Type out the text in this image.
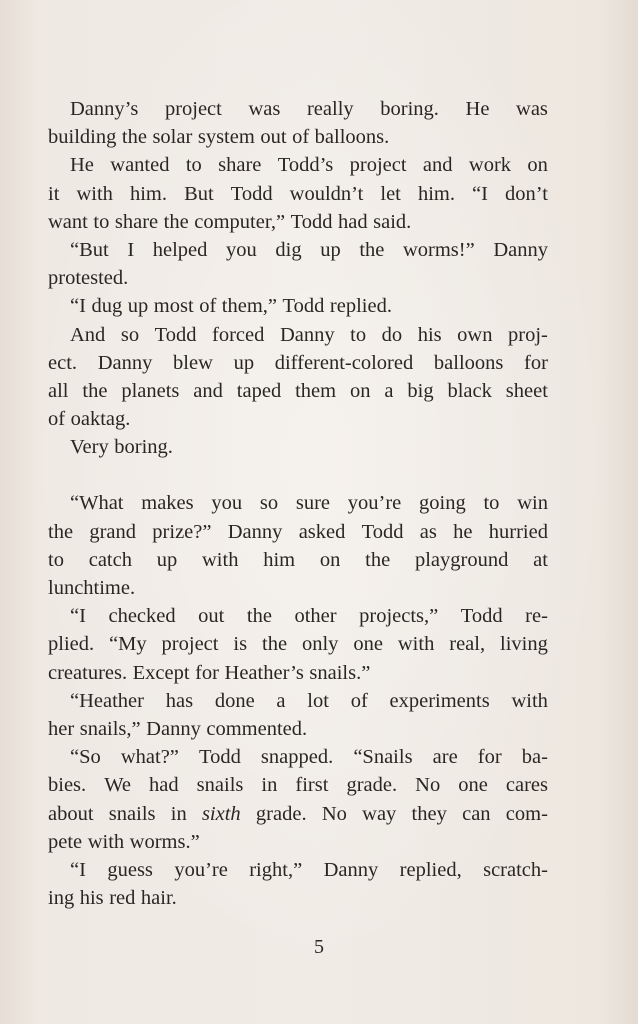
Danny’s project was really boring. He was
building the solar system out of balloons.
He wanted to share Todd’s project and work on
it with him. But Todd wouldn’t let him. “I don’t
want to share the computer,” Todd had said.
“But I helped you dig up the worms!” Danny
protested.
“I dug up most of them,” Todd replied.
And so Todd forced Danny to do his own proj-
ect. Danny blew up different-colored balloons for
all the planets and taped them on a big black sheet
of oaktag.
Very boring.
“What makes you so sure you’re going to win
the grand prize?” Danny asked Todd as he hurried
to catch up with him on the playground at
lunchtime.
“I checked out the other projects,” Todd re-
plied. “My project is the only one with real, living
creatures. Except for Heather’s snails.”
“Heather has done a lot of experiments with
her snails,” Danny commented.
“So what?” Todd snapped. “Snails are for ba-
bies. We had snails in first grade. No one cares
about snails in sixth grade. No way they can com-
pete with worms.”
“I guess you’re right,” Danny replied, scratch-
ing his red hair.
5
